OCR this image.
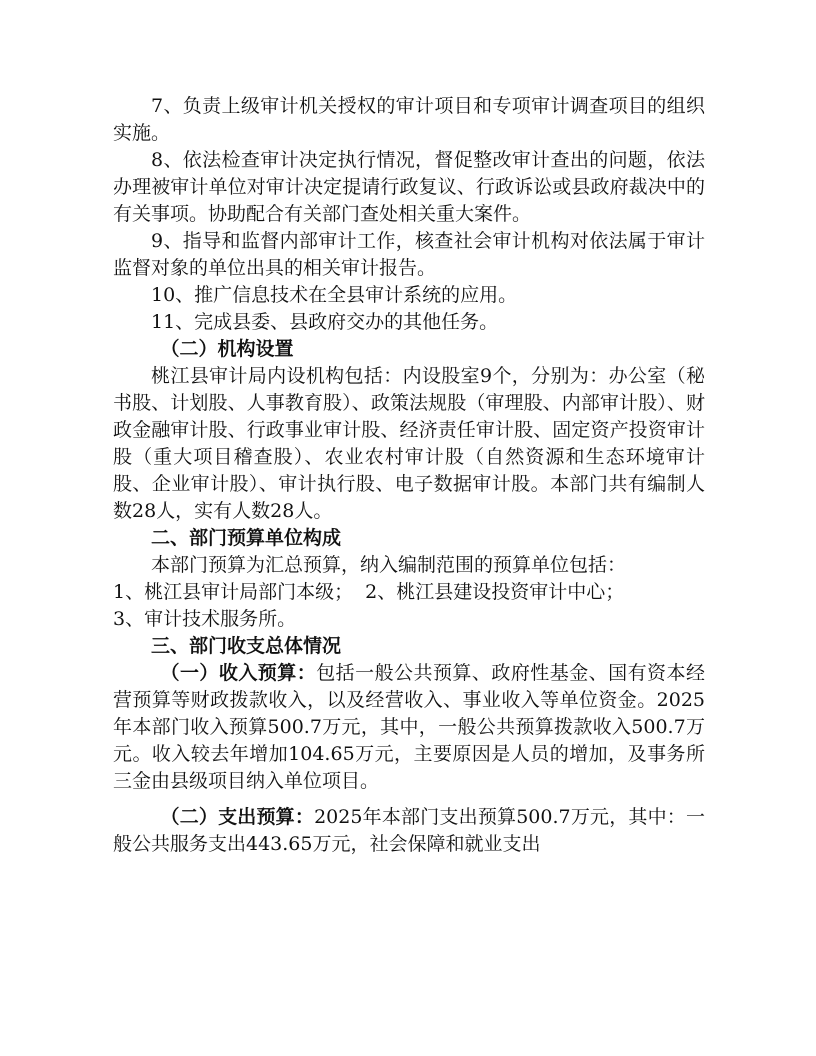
7、负责上级审计机关授权的审计项目和专项审计调查项目的组织实施。

8、依法检查审计决定执行情况，督促整改审计查出的问题，依法办理被审计单位对审计决定提请行政复议、行政诉讼或县政府裁决中的有关事项。协助配合有关部门查处相关重大案件。

9、指导和监督内部审计工作，核查社会审计机构对依法属于审计监督对象的单位出具的相关审计报告。

10、推广信息技术在全县审计系统的应用。

11、完成县委、县政府交办的其他任务。

（二）机构设置

桃江县审计局内设机构包括：内设股室9个，分别为：办公室（秘书股、计划股、人事教育股）、政策法规股（审理股、内部审计股）、财政金融审计股、行政事业审计股、经济责任审计股、固定资产投资审计股（重大项目稽查股）、农业农村审计股（自然资源和生态环境审计股、企业审计股）、审计执行股、电子数据审计股。本部门共有编制人数28人，实有人数28人。

二、部门预算单位构成

本部门预算为汇总预算，纳入编制范围的预算单位包括：

1、桃江县审计局部门本级；  2、桃江县建设投资审计中心；

3、审计技术服务所。

三、部门收支总体情况

（一）收入预算：包括一般公共预算、政府性基金、国有资本经营预算等财政拨款收入，以及经营收入、事业收入等单位资金。2025年本部门收入预算500.7万元，其中，一般公共预算拨款收入500.7万元。收入较去年增加104.65万元，主要原因是人员的增加，及事务所三金由县级项目纳入单位项目。

（二）支出预算：2025年本部门支出预算500.7万元，其中：一般公共服务支出443.65万元，社会保障和就业支出
